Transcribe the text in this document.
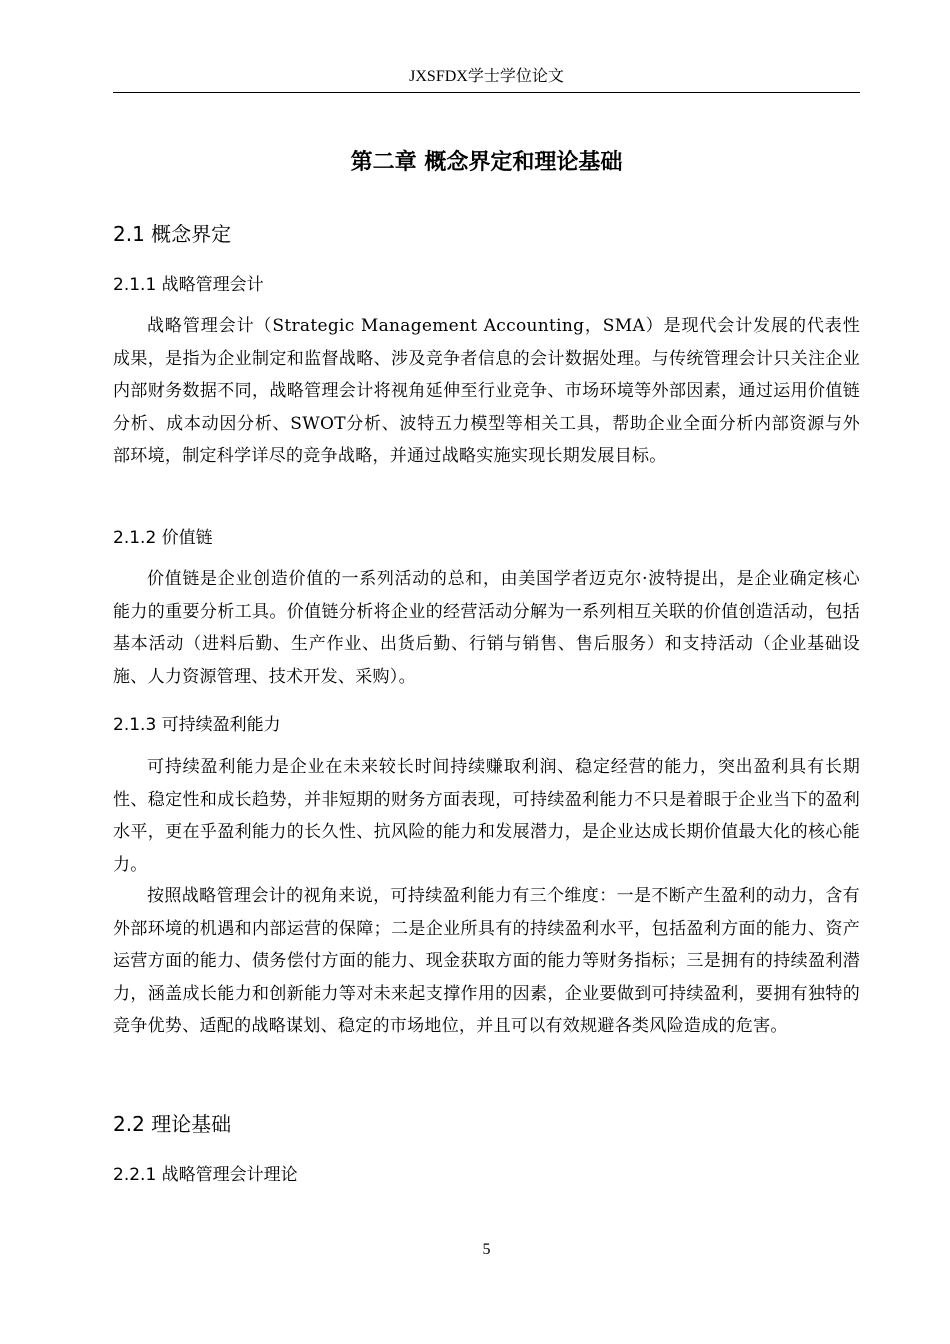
JXSFDX学士学位论文
第二章 概念界定和理论基础
2.1 概念界定
2.1.1 战略管理会计

战略管理会计（Strategic Management Accounting，SMA）是现代会计发展的代表性成果，是指为企业制定和监督战略、涉及竞争者信息的会计数据处理。与传统管理会计只关注企业内部财务数据不同，战略管理会计将视角延伸至行业竞争、市场环境等外部因素，通过运用价值链分析、成本动因分析、SWOT分析、波特五力模型等相关工具，帮助企业全面分析内部资源与外部环境，制定科学详尽的竞争战略，并通过战略实施实现长期发展目标。

2.1.2 价值链

价值链是企业创造价值的一系列活动的总和，由美国学者迈克尔·波特提出，是企业确定核心能力的重要分析工具。价值链分析将企业的经营活动分解为一系列相互关联的价值创造活动，包括基本活动（进料后勤、生产作业、出货后勤、行销与销售、售后服务）和支持活动（企业基础设施、人力资源管理、技术开发、采购）。

2.1.3 可持续盈利能力

可持续盈利能力是企业在未来较长时间持续赚取利润、稳定经营的能力，突出盈利具有长期性、稳定性和成长趋势，并非短期的财务方面表现，可持续盈利能力不只是着眼于企业当下的盈利水平，更在乎盈利能力的长久性、抗风险的能力和发展潜力，是企业达成长期价值最大化的核心能力。

按照战略管理会计的视角来说，可持续盈利能力有三个维度：一是不断产生盈利的动力，含有外部环境的机遇和内部运营的保障；二是企业所具有的持续盈利水平，包括盈利方面的能力、资产运营方面的能力、债务偿付方面的能力、现金获取方面的能力等财务指标；三是拥有的持续盈利潜力，涵盖成长能力和创新能力等对未来起支撑作用的因素，企业要做到可持续盈利，要拥有独特的竞争优势、适配的战略谋划、稳定的市场地位，并且可以有效规避各类风险造成的危害。

2.2 理论基础
2.2.1 战略管理会计理论
5
